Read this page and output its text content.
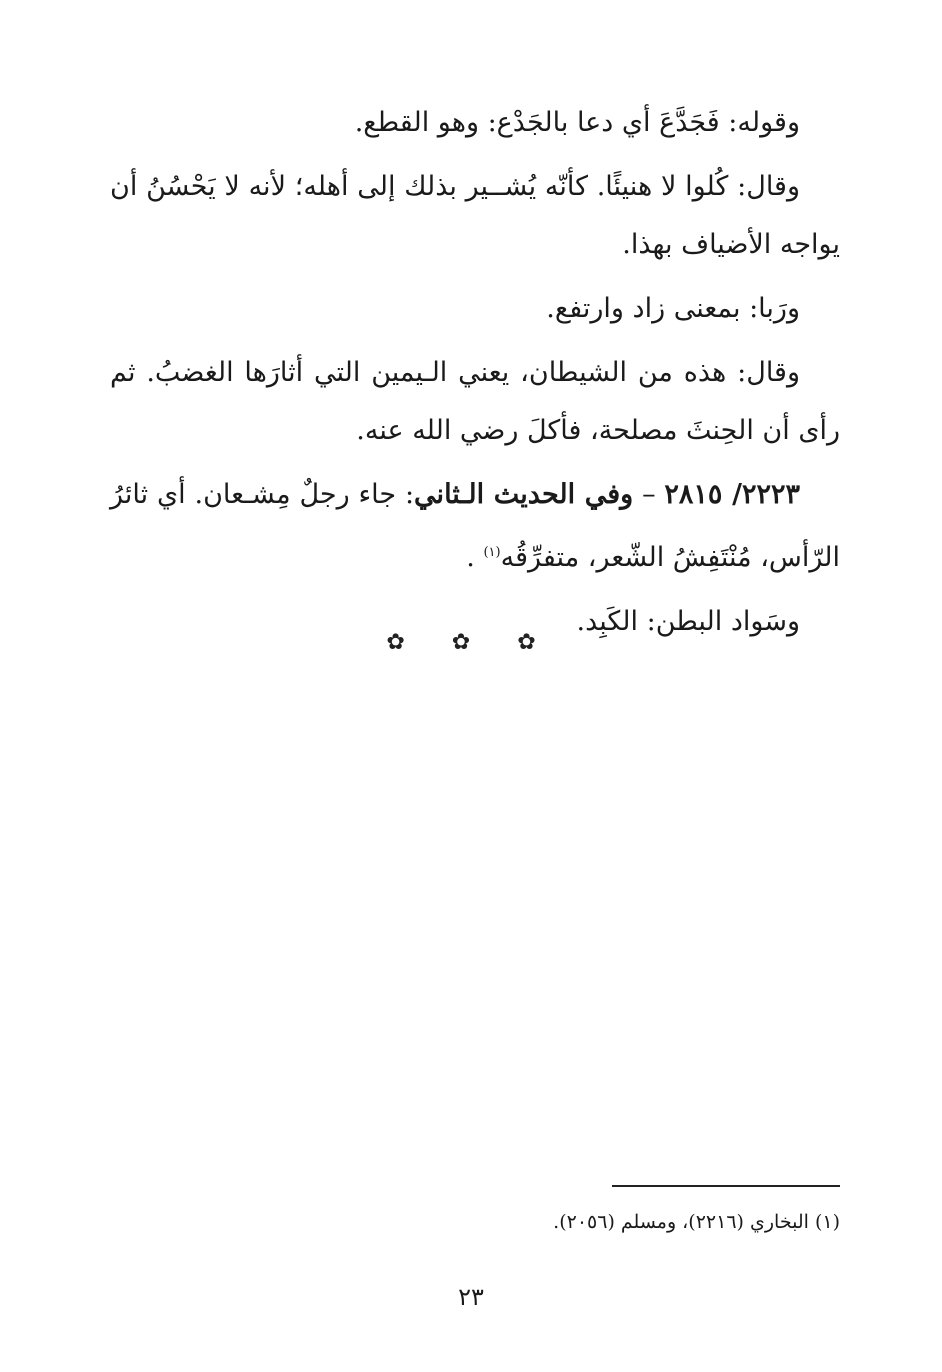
وقوله: فَجَدَّعَ أي دعا بالجَدْع: وهو القطع.

وقال: كُلوا لا هنيئًا. كأنّه يُشــير بذلك إلى أهله؛ لأنه لا يَحْسُنُ أن يواجه الأضياف بهذا.

ورَبا: بمعنى زاد وارتفع.

وقال: هذه من الشيطان، يعني الـيمين التي أثارَها الغضبُ. ثم رأى أن الحِنثَ مصلحة، فأكلَ رضي الله عنه.

٢٢٢٣/ ٢٨١٥ – وفي الحديث الـثاني: جاء رجلٌ مِشـعان. أي ثائرُ الرّأس، مُنْتَفِشُ الشّعر، متفرِّقُه$^{(١)}$ .

وسَواد البطن: الكَبِد.

✿ ✿ ✿
(١) البخاري (٢٢١٦)، ومسلم (٢٠٥٦).
٢٣
